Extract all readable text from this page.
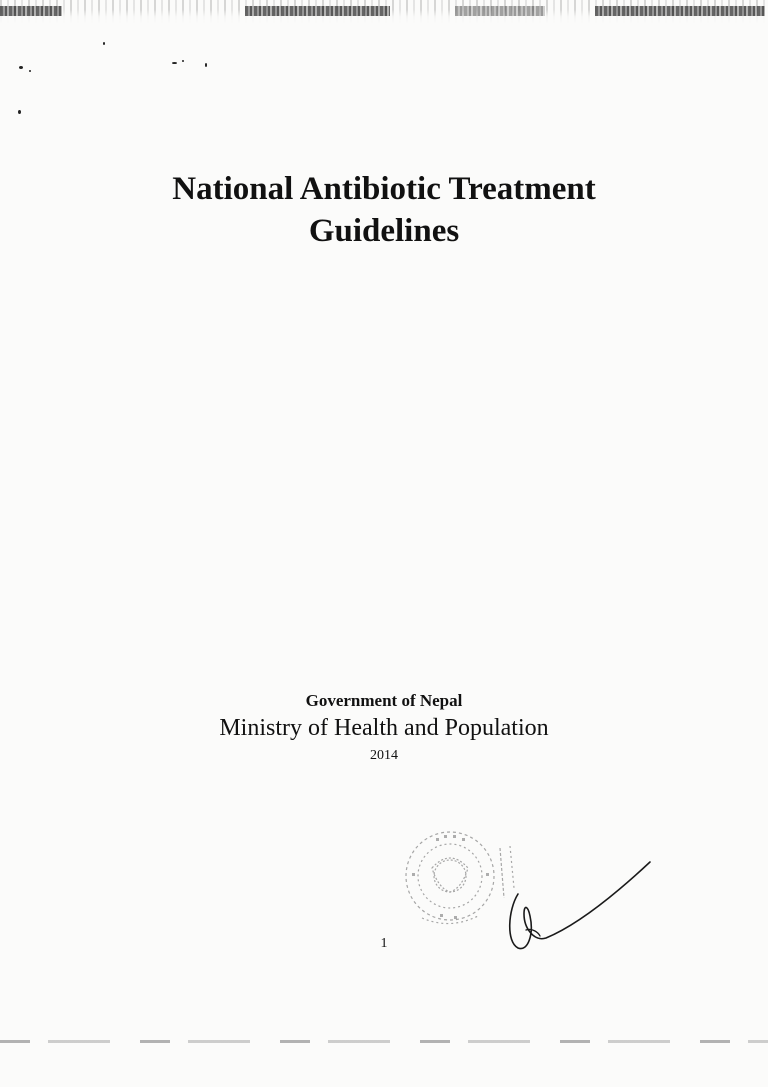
National Antibiotic Treatment
Guidelines
Government of Nepal
Ministry of Health and Population
2014
1
